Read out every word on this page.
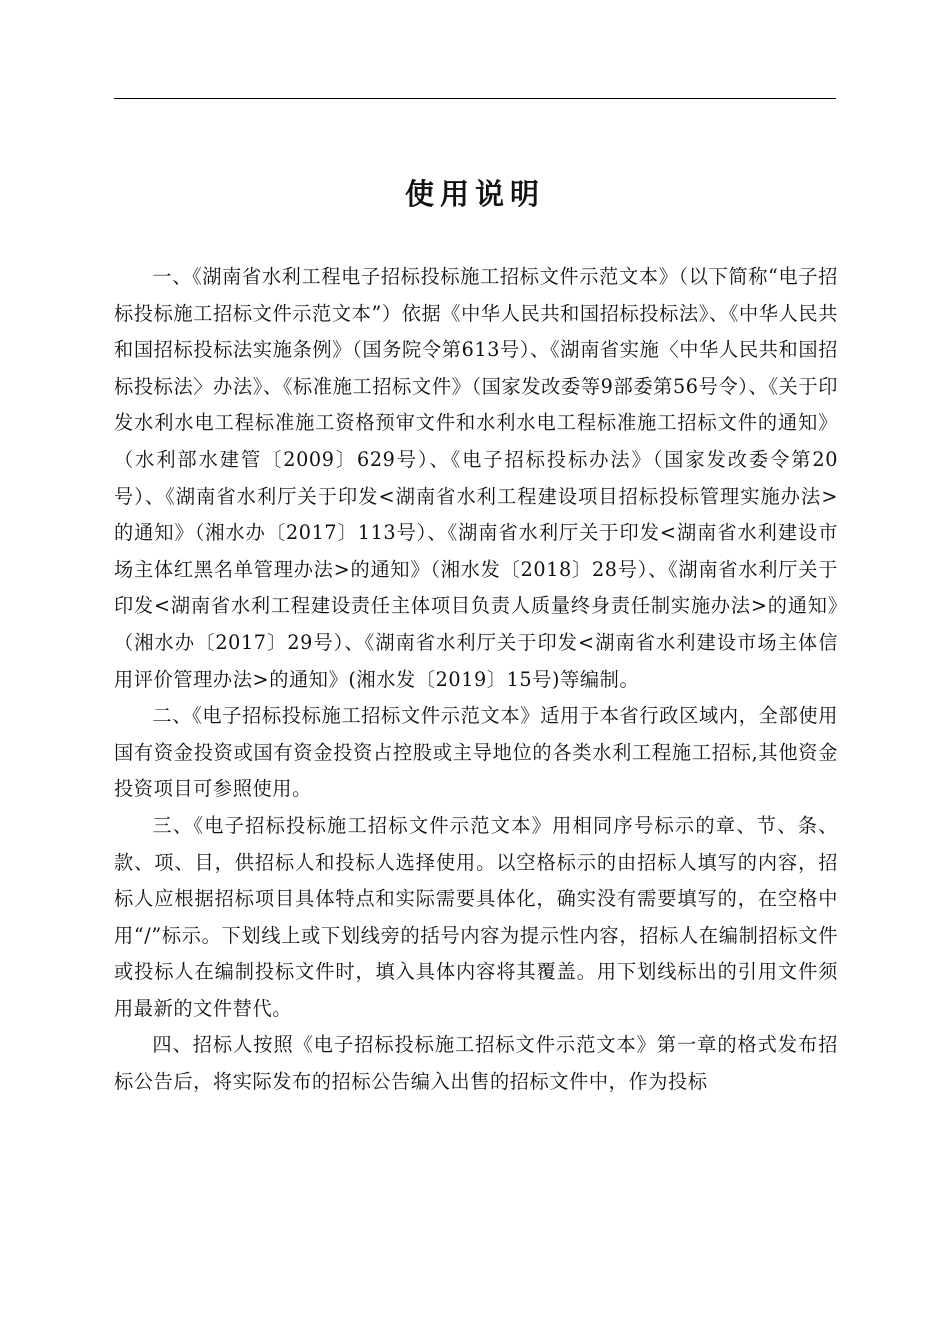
使用说明

一、《湖南省水利工程电子招标投标施工招标文件示范文本》（以下简称“电子招标投标施工招标文件示范文本”）依据《中华人民共和国招标投标法》、《中华人民共和国招标投标法实施条例》（国务院令第613号）、《湖南省实施〈中华人民共和国招标投标法〉办法》、《标准施工招标文件》（国家发改委等9部委第56号令）、《关于印发水利水电工程标准施工资格预审文件和水利水电工程标准施工招标文件的通知》（水利部水建管〔2009〕629号）、《电子招标投标办法》（国家发改委令第20号）、《湖南省水利厅关于印发<湖南省水利工程建设项目招标投标管理实施办法>的通知》（湘水办〔2017〕113号）、《湖南省水利厅关于印发<湖南省水利建设市场主体红黑名单管理办法>的通知》（湘水发〔2018〕28号）、《湖南省水利厅关于印发<湖南省水利工程建设责任主体项目负责人质量终身责任制实施办法>的通知》（湘水办〔2017〕29号）、《湖南省水利厅关于印发<湖南省水利建设市场主体信用评价管理办法>的通知》(湘水发〔2019〕15号)等编制。

二、《电子招标投标施工招标文件示范文本》适用于本省行政区域内，全部使用国有资金投资或国有资金投资占控股或主导地位的各类水利工程施工招标,其他资金投资项目可参照使用。

三、《电子招标投标施工招标文件示范文本》用相同序号标示的章、节、条、款、项、目，供招标人和投标人选择使用。以空格标示的由招标人填写的内容，招标人应根据招标项目具体特点和实际需要具体化，确实没有需要填写的，在空格中用“/”标示。下划线上或下划线旁的括号内容为提示性内容，招标人在编制招标文件或投标人在编制投标文件时，填入具体内容将其覆盖。用下划线标出的引用文件须用最新的文件替代。

四、招标人按照《电子招标投标施工招标文件示范文本》第一章的格式发布招标公告后，将实际发布的招标公告编入出售的招标文件中，作为投标
